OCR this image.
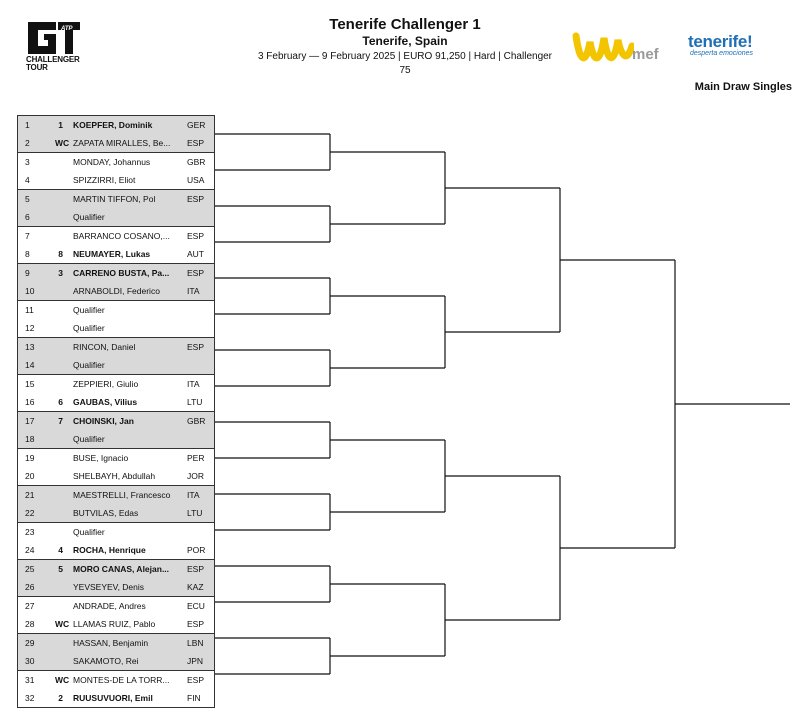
ATP
CHALLENGER
TOUR
Tenerife Challenger 1
Tenerife, Spain
3 February — 9 February 2025 | EURO 91,250 | Hard | Challenger
75
mef
tenerife!
desperta emociones
Main Draw Singles
1	1 KOEPFER, Dominik	GER
2	WC ZAPATA MIRALLES, Be...	ESP
3	MONDAY, Johannus	GBR
4	SPIZZIRRI, Eliot	USA
5	MARTIN TIFFON, Pol	ESP
6	Qualifier
7	BARRANCO COSANO,...	ESP
8	8 NEUMAYER, Lukas	AUT
9	3 CARRENO BUSTA, Pa...	ESP
10	ARNABOLDI, Federico	ITA
11	Qualifier
12	Qualifier
13	RINCON, Daniel	ESP
14	Qualifier
15	ZEPPIERI, Giulio	ITA
16	6 GAUBAS, Vilius	LTU
17	7 CHOINSKI, Jan	GBR
18	Qualifier
19	BUSE, Ignacio	PER
20	SHELBAYH, Abdullah	JOR
21	MAESTRELLI, Francesco	ITA
22	BUTVILAS, Edas	LTU
23	Qualifier
24	4 ROCHA, Henrique	POR
25	5 MORO CANAS, Alejan...	ESP
26	YEVSEYEV, Denis	KAZ
27	ANDRADE, Andres	ECU
28 WC LLAMAS RUIZ, Pablo	ESP
29	HASSAN, Benjamin	LBN
30	SAKAMOTO, Rei	JPN
31 WC MONTES-DE LA TORR...	ESP
32	2 RUUSUVUORI, Emil	FIN
